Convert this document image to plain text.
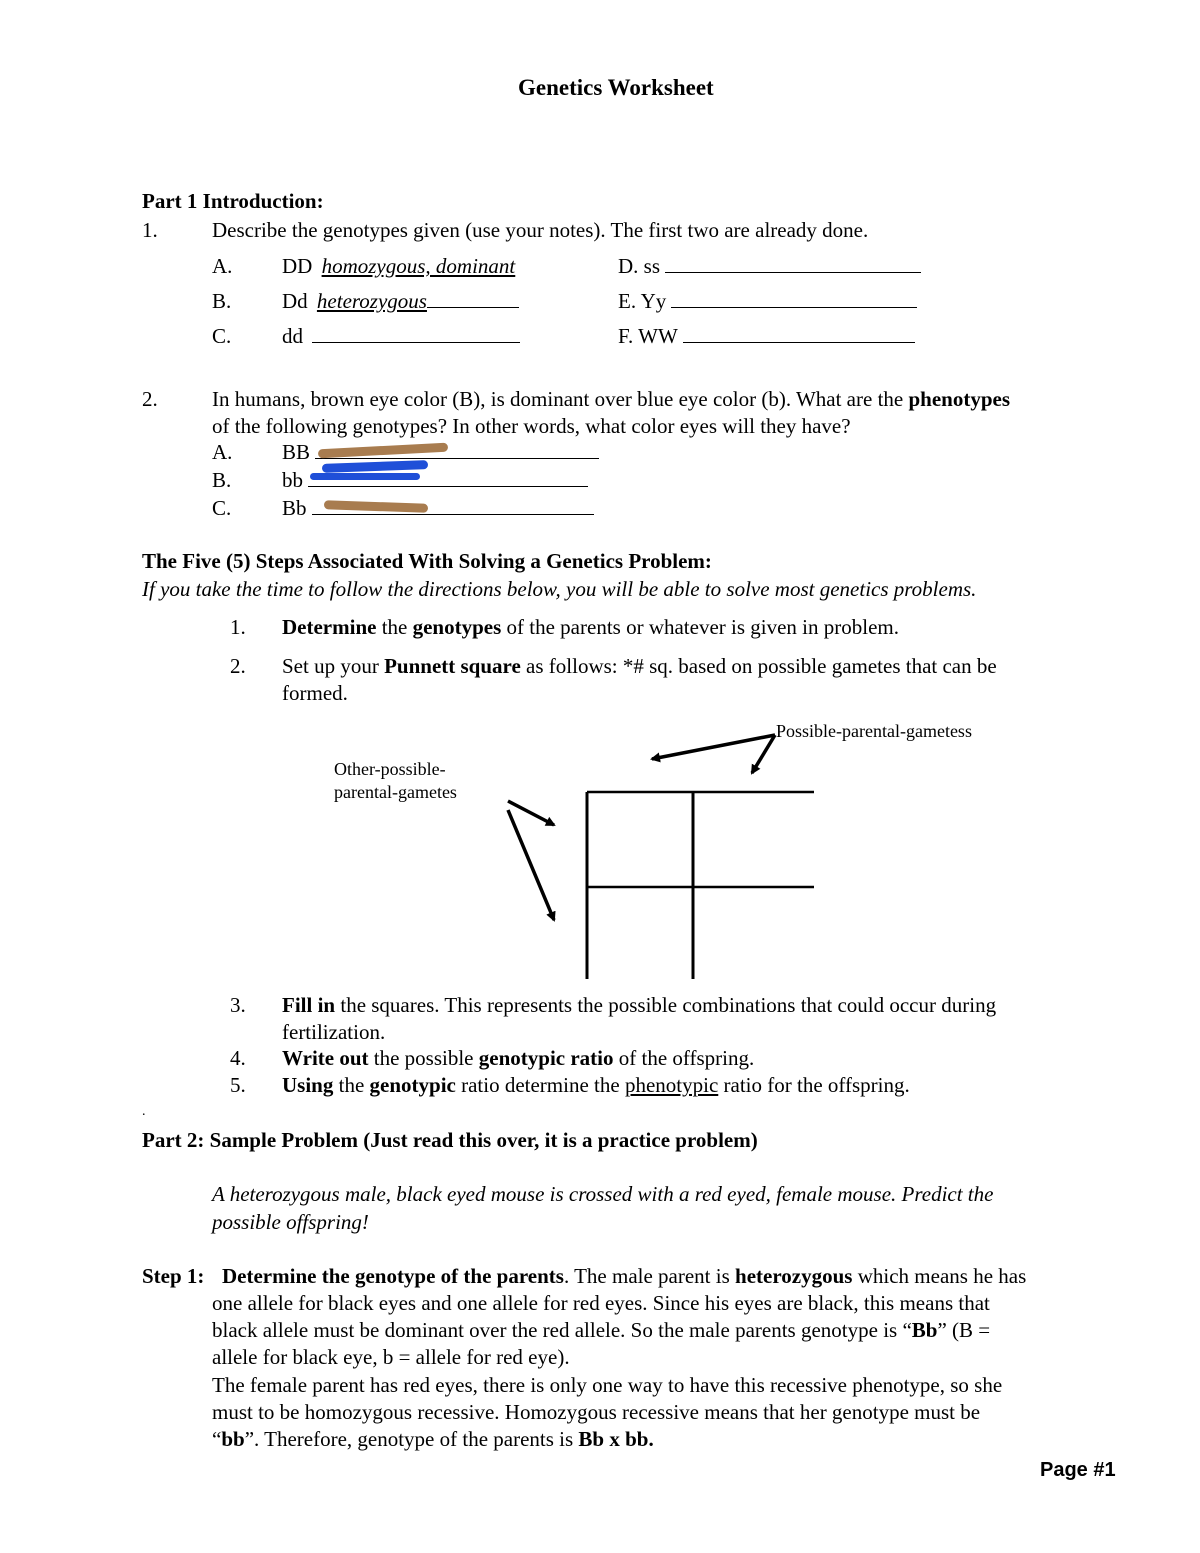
Genetics Worksheet
Part 1 Introduction:
1.	Describe the genotypes given (use your notes). The first two are already done.
A. DD homozygous, dominant
B. Dd heterozygous
C. dd
D. ss
E. Yy
F. WW
2.	In humans, brown eye color (B), is dominant over blue eye color (b). What are the phenotypes
of the following genotypes? In other words, what color eyes will they have?
A. BB
B. bb
C. Bb
The Five (5) Steps Associated With Solving a Genetics Problem:
If you take the time to follow the directions below, you will be able to solve most genetics problems.
1. Determine the genotypes of the parents or whatever is given in problem.
2. Set up your Punnett square as follows: *# sq. based on possible gametes that can be
formed.
Possible-parental-gametess
Other-possible-
parental-gametes
3. Fill in the squares. This represents the possible combinations that could occur during
fertilization.
4. Write out the possible genotypic ratio of the offspring.
5. Using the genotypic ratio determine the phenotypic ratio for the offspring.
.
Part 2: Sample Problem (Just read this over, it is a practice problem)
A heterozygous male, black eyed mouse is crossed with a red eyed, female mouse. Predict the
possible offspring!
Step 1: Determine the genotype of the parents. The male parent is heterozygous which means he has
one allele for black eyes and one allele for red eyes. Since his eyes are black, this means that
black allele must be dominant over the red allele. So the male parents genotype is “Bb” (B =
allele for black eye, b = allele for red eye).
The female parent has red eyes, there is only one way to have this recessive phenotype, so she
must to be homozygous recessive. Homozygous recessive means that her genotype must be
“bb”. Therefore, genotype of the parents is Bb x bb.
Page #1
